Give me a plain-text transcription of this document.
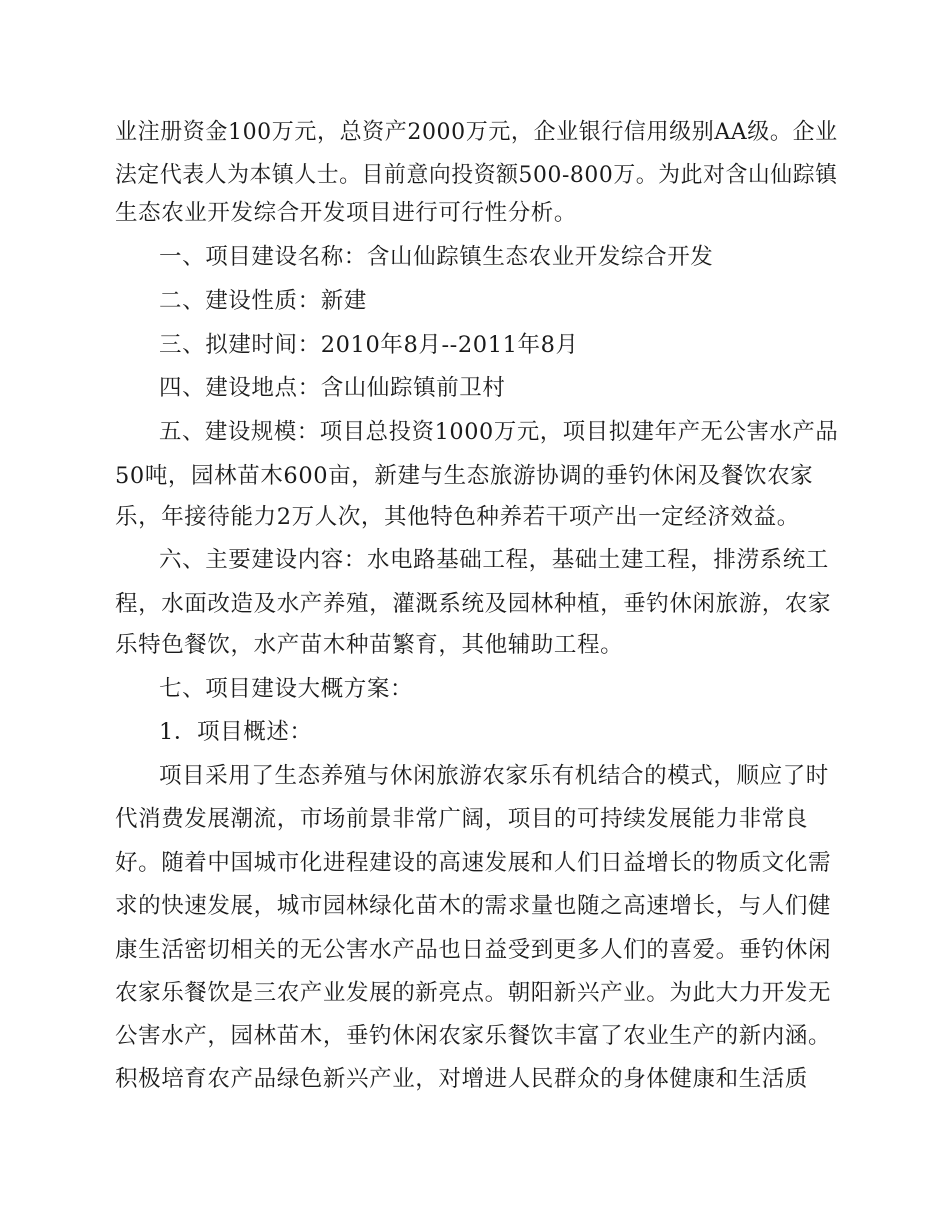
业注册资金100万元，总资产2000万元，企业银行信用级别AA级。企业
法定代表人为本镇人士。目前意向投资额500-800万。为此对含山仙踪镇
生态农业开发综合开发项目进行可行性分析。
一、项目建设名称：含山仙踪镇生态农业开发综合开发
二、建设性质：新建
三、拟建时间：2010年8月--2011年8月
四、建设地点：含山仙踪镇前卫村
五、建设规模：项目总投资1000万元，项目拟建年产无公害水产品
50吨，园林苗木600亩，新建与生态旅游协调的垂钓休闲及餐饮农家
乐，年接待能力2万人次，其他特色种养若干项产出一定经济效益。
六、主要建设内容：水电路基础工程，基础土建工程，排涝系统工
程，水面改造及水产养殖，灌溉系统及园林种植，垂钓休闲旅游，农家
乐特色餐饮，水产苗木种苗繁育，其他辅助工程。
七、项目建设大概方案：
1．项目概述：
项目采用了生态养殖与休闲旅游农家乐有机结合的模式，顺应了时
代消费发展潮流，市场前景非常广阔，项目的可持续发展能力非常良
好。随着中国城市化进程建设的高速发展和人们日益增长的物质文化需
求的快速发展，城市园林绿化苗木的需求量也随之高速增长，与人们健
康生活密切相关的无公害水产品也日益受到更多人们的喜爱。垂钓休闲
农家乐餐饮是三农产业发展的新亮点。朝阳新兴产业。为此大力开发无
公害水产，园林苗木，垂钓休闲农家乐餐饮丰富了农业生产的新内涵。
积极培育农产品绿色新兴产业，对增进人民群众的身体健康和生活质
